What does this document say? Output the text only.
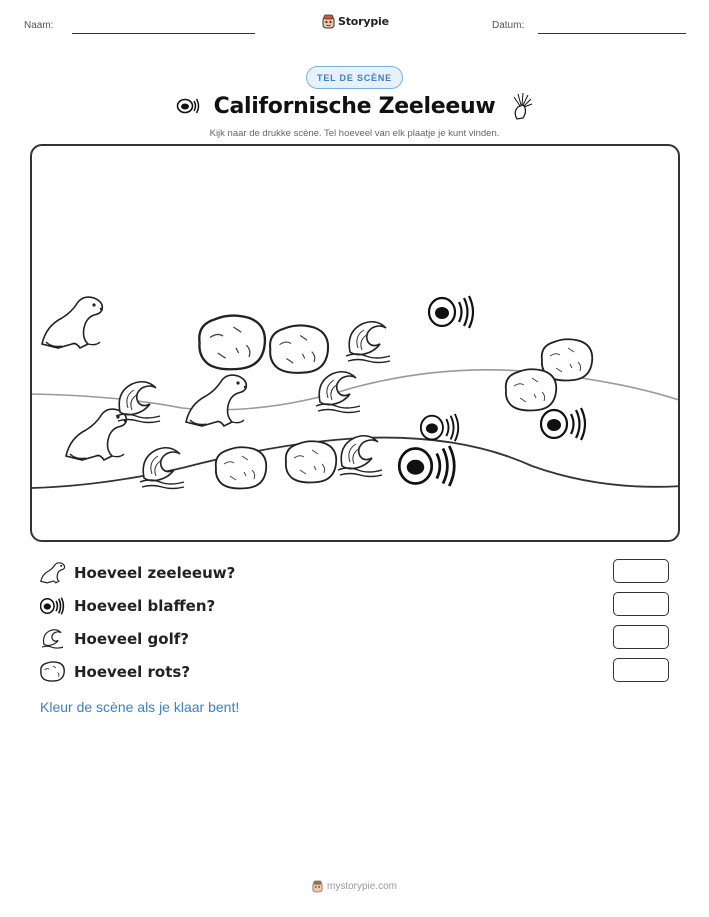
Naam:	Storypie	Datum:
TEL DE SCÈNE
Californische Zeeleeuw
Kijk naar de drukke scène. Tel hoeveel van elk plaatje je kunt vinden.
Hoeveel zeeleeuw?
Hoeveel blaffen?
Hoeveel golf?
Hoeveel rots?
Kleur de scène als je klaar bent!
mystorypie.com
